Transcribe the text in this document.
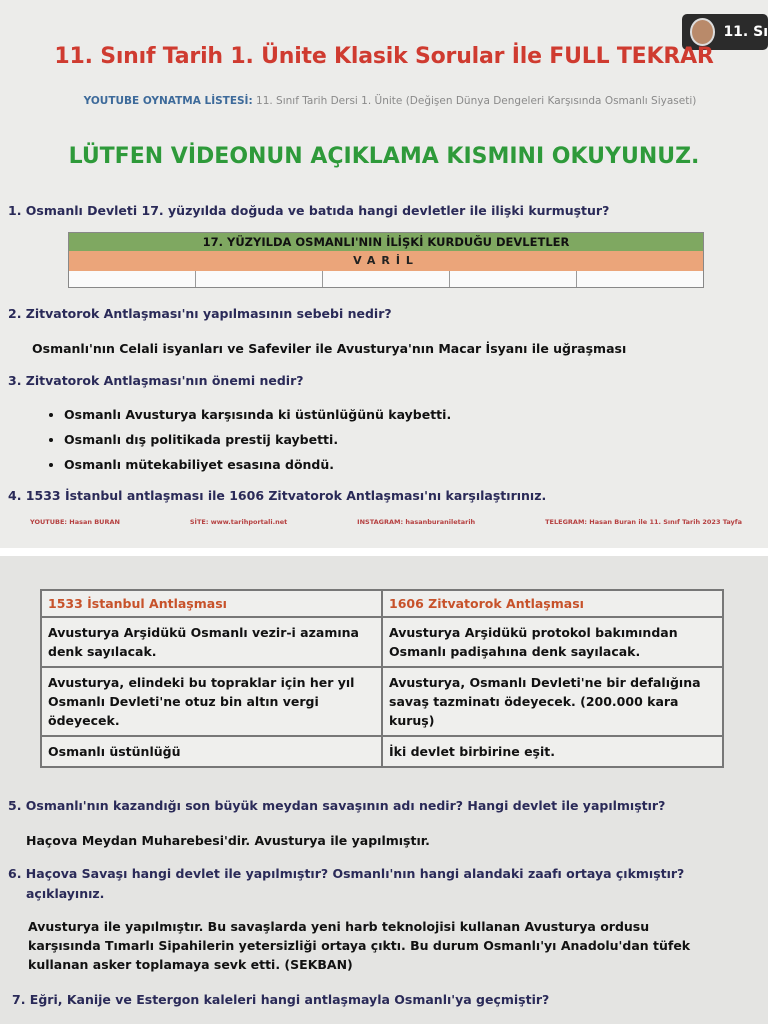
11. Sı
11. Sınıf Tarih 1. Ünite Klasik Sorular İle FULL TEKRAR
YOUTUBE OYNATMA LİSTESİ: 11. Sınıf Tarih Dersi 1. Ünite (Değişen Dünya Dengeleri Karşısında Osmanlı Siyaseti)
LÜTFEN VİDEONUN AÇIKLAMA KISMINI OKUYUNUZ.
1. Osmanlı Devleti 17. yüzyılda doğuda ve batıda hangi devletler ile ilişki kurmuştur?
17. YÜZYILDA OSMANLI'NIN İLİŞKİ KURDUĞU DEVLETLER
VARİL
2. Zitvatorok Antlaşması'nı yapılmasının sebebi nedir?
Osmanlı'nın Celali isyanları ve Safeviler ile Avusturya'nın Macar İsyanı ile uğraşması
3. Zitvatorok Antlaşması'nın önemi nedir?
• Osmanlı Avusturya karşısında ki üstünlüğünü kaybetti.
• Osmanlı dış politikada prestij kaybetti.
• Osmanlı mütekabiliyet esasına döndü.
4. 1533 İstanbul antlaşması ile 1606 Zitvatorok Antlaşması'nı karşılaştırınız.
YOUTUBE: Hasan BURAN	SİTE: www.tarihportali.net	INSTAGRAM: hasanburaniletarih	TELEGRAM: Hasan Buran ile 11. Sınıf Tarih 2023 Tayfa
1533 İstanbul Antlaşması	1606 Zitvatorok Antlaşması
Avusturya Arşidükü Osmanlı vezir-i azamına denk sayılacak.	Avusturya Arşidükü protokol bakımından Osmanlı padişahına denk sayılacak.
Avusturya, elindeki bu topraklar için her yıl Osmanlı Devleti'ne otuz bin altın vergi ödeyecek.	Avusturya, Osmanlı Devleti'ne bir defalığına savaş tazminatı ödeyecek. (200.000 kara kuruş)
Osmanlı üstünlüğü	İki devlet birbirine eşit.
5. Osmanlı'nın kazandığı son büyük meydan savaşının adı nedir? Hangi devlet ile yapılmıştır?
Haçova Meydan Muharebesi'dir. Avusturya ile yapılmıştır.
6. Haçova Savaşı hangi devlet ile yapılmıştır? Osmanlı'nın hangi alandaki zaafı ortaya çıkmıştır?
açıklayınız.
Avusturya ile yapılmıştır. Bu savaşlarda yeni harb teknolojisi kullanan Avusturya ordusu karşısında Tımarlı Sipahilerin yetersizliği ortaya çıktı. Bu durum Osmanlı'yı Anadolu'dan tüfek kullanan asker toplamaya sevk etti. (SEKBAN)
7. Eğri, Kanije ve Estergon kaleleri hangi antlaşmayla Osmanlı'ya geçmiştir?
